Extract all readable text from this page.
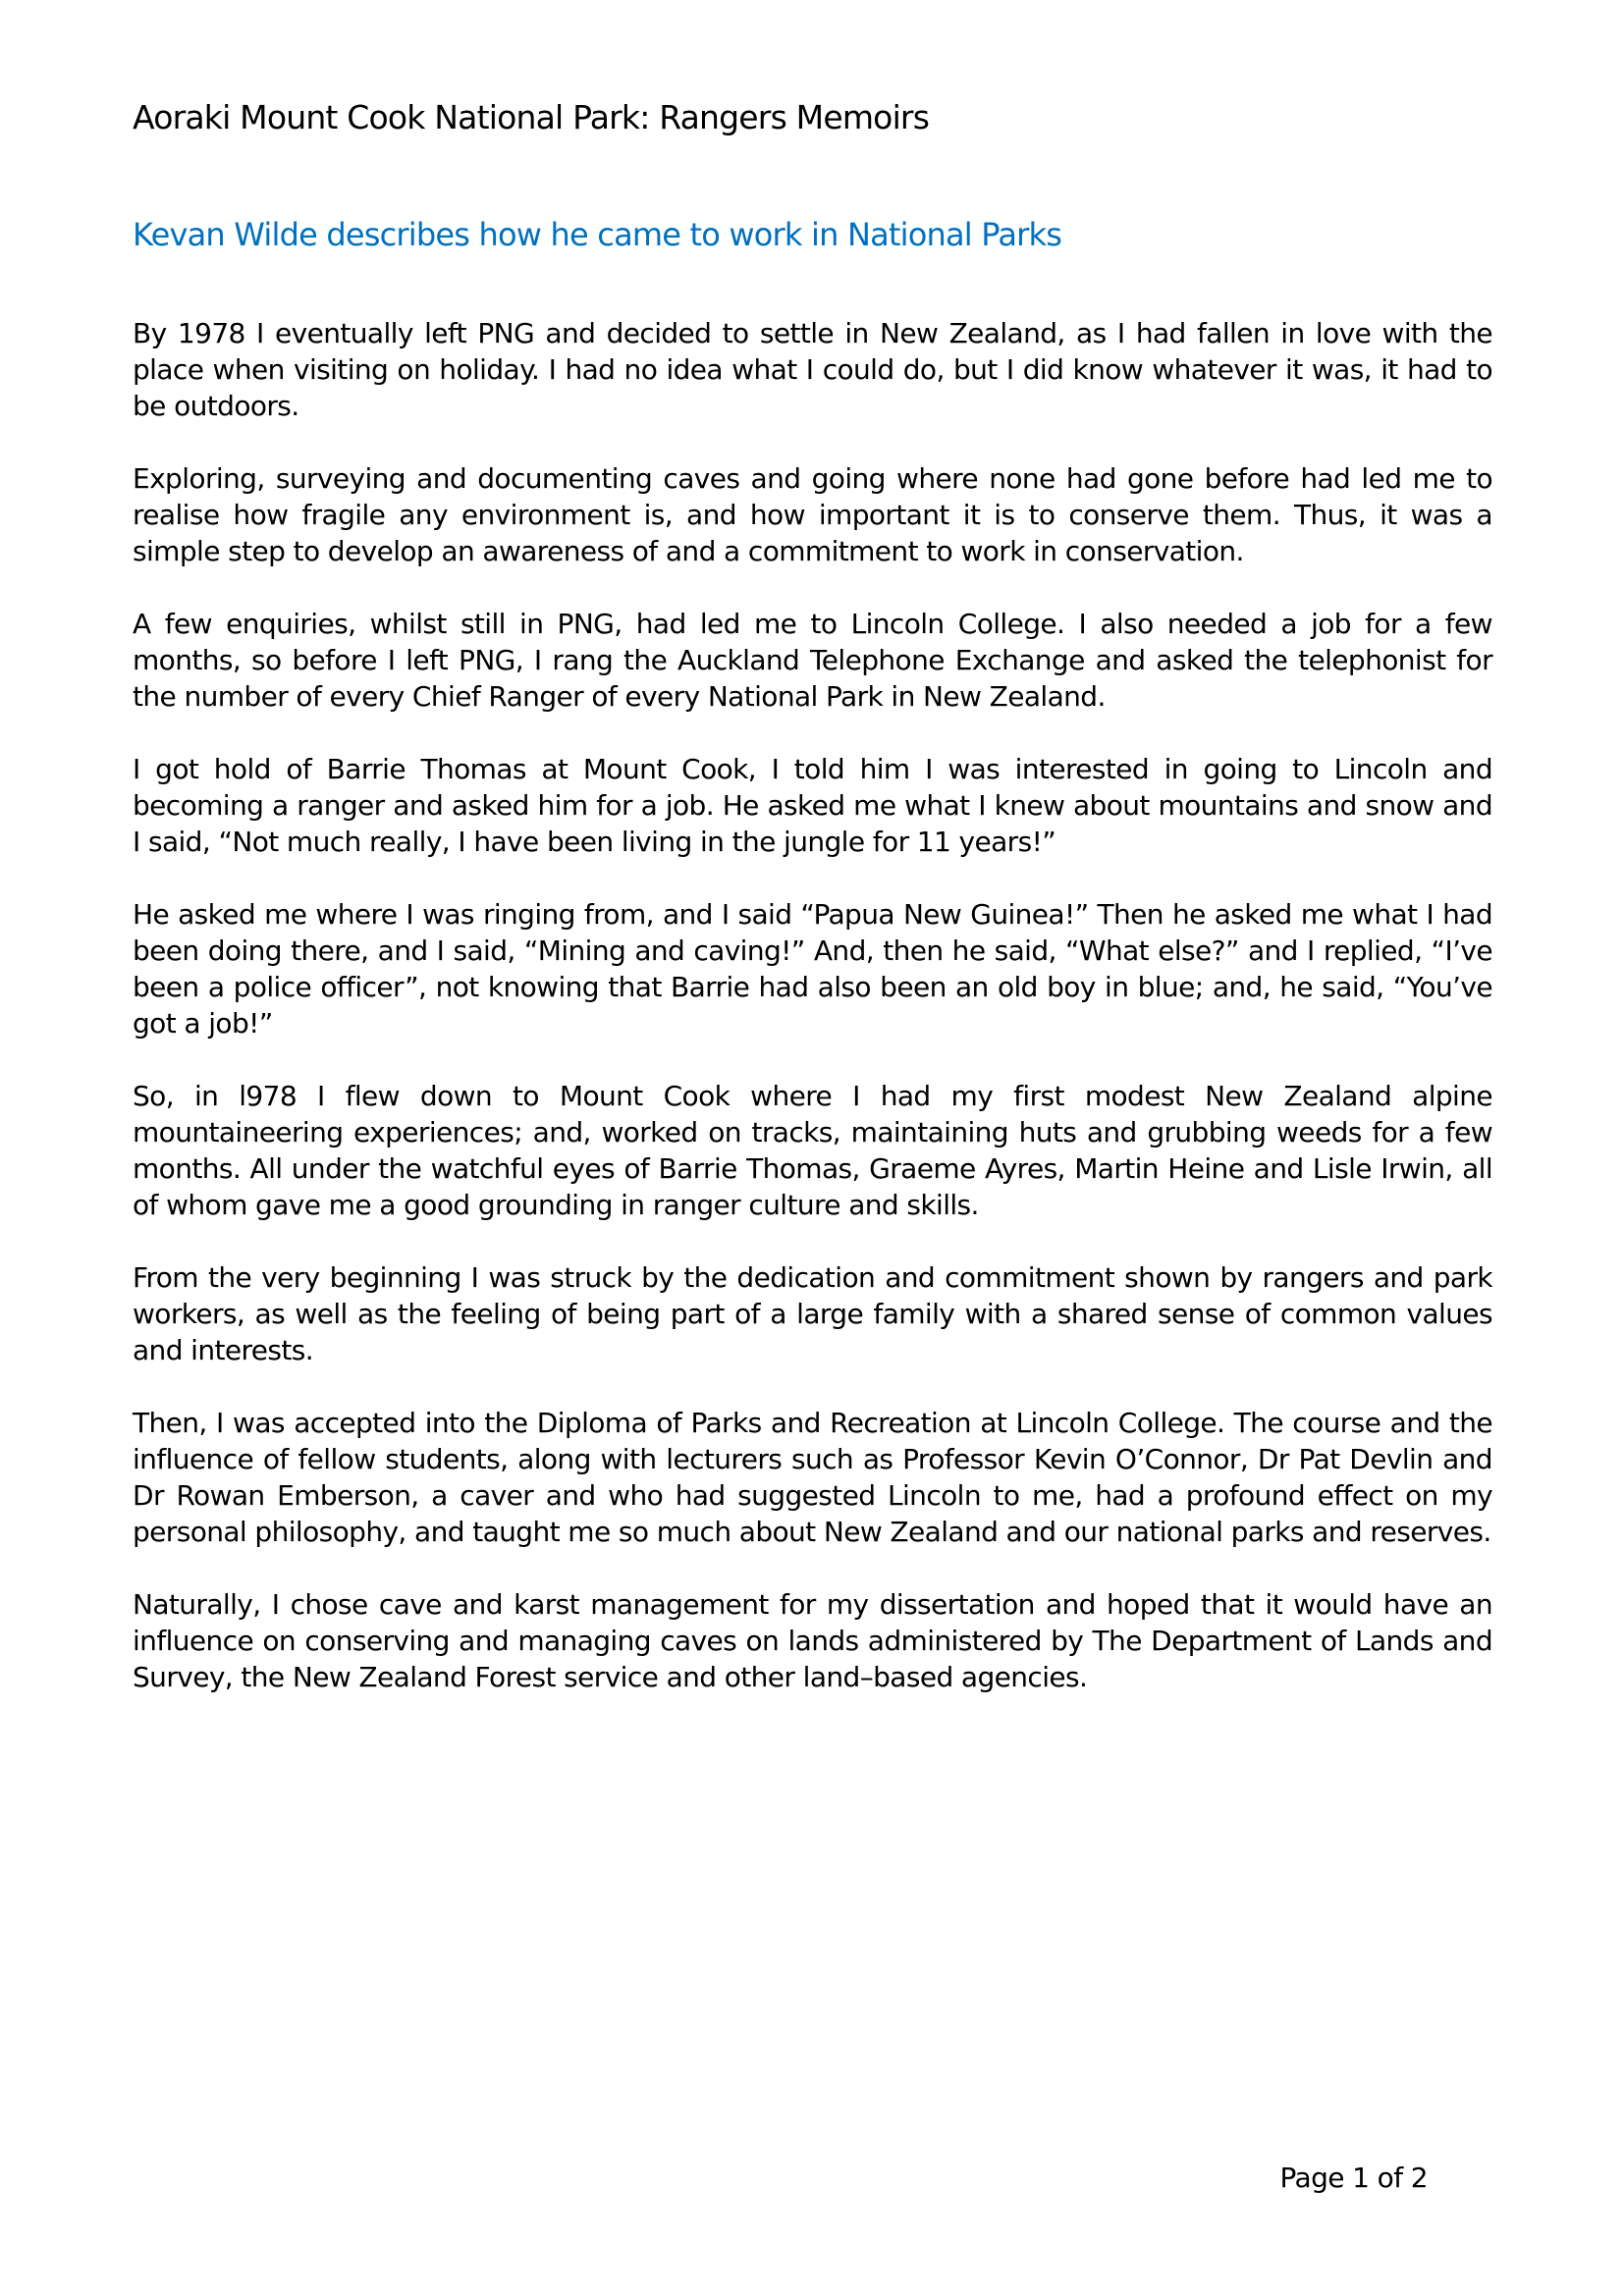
Aoraki Mount Cook National Park: Rangers Memoirs
Kevan Wilde describes how he came to work in National Parks

By 1978 I eventually left PNG and decided to settle in New Zealand, as I had fallen in love with the place when visiting on holiday. I had no idea what I could do, but I did know whatever it was, it had to be outdoors.

Exploring, surveying and documenting caves and going where none had gone before had led me to realise how fragile any environment is, and how important it is to conserve them. Thus, it was a simple step to develop an awareness of and a commitment to work in conservation.

A few enquiries, whilst still in PNG, had led me to Lincoln College. I also needed a job for a few months, so before I left PNG, I rang the Auckland Telephone Exchange and asked the telephonist for the number of every Chief Ranger of every National Park in New Zealand.

I got hold of Barrie Thomas at Mount Cook, I told him I was interested in going to Lincoln and becoming a ranger and asked him for a job. He asked me what I knew about mountains and snow and I said, “Not much really, I have been living in the jungle for 11 years!”

He asked me where I was ringing from, and I said “Papua New Guinea!” Then he asked me what I had been doing there, and I said, “Mining and caving!” And, then he said, “What else?” and I replied, “I’ve been a police officer”, not knowing that Barrie had also been an old boy in blue; and, he said, “You’ve got a job!”

So, in l978 I flew down to Mount Cook where I had my first modest New Zealand alpine mountaineering experiences; and, worked on tracks, maintaining huts and grubbing weeds for a few months. All under the watchful eyes of Barrie Thomas, Graeme Ayres, Martin Heine and Lisle Irwin, all of whom gave me a good grounding in ranger culture and skills.

From the very beginning I was struck by the dedication and commitment shown by rangers and park workers, as well as the feeling of being part of a large family with a shared sense of common values and interests.

Then, I was accepted into the Diploma of Parks and Recreation at Lincoln College. The course and the influence of fellow students, along with lecturers such as Professor Kevin O’Connor, Dr Pat Devlin and Dr Rowan Emberson, a caver and who had suggested Lincoln to me, had a profound effect on my personal philosophy, and taught me so much about New Zealand and our national parks and reserves.

Naturally, I chose cave and karst management for my dissertation and hoped that it would have an influence on conserving and managing caves on lands administered by The Department of Lands and Survey, the New Zealand Forest service and other land–based agencies.

Page 1 of 2
